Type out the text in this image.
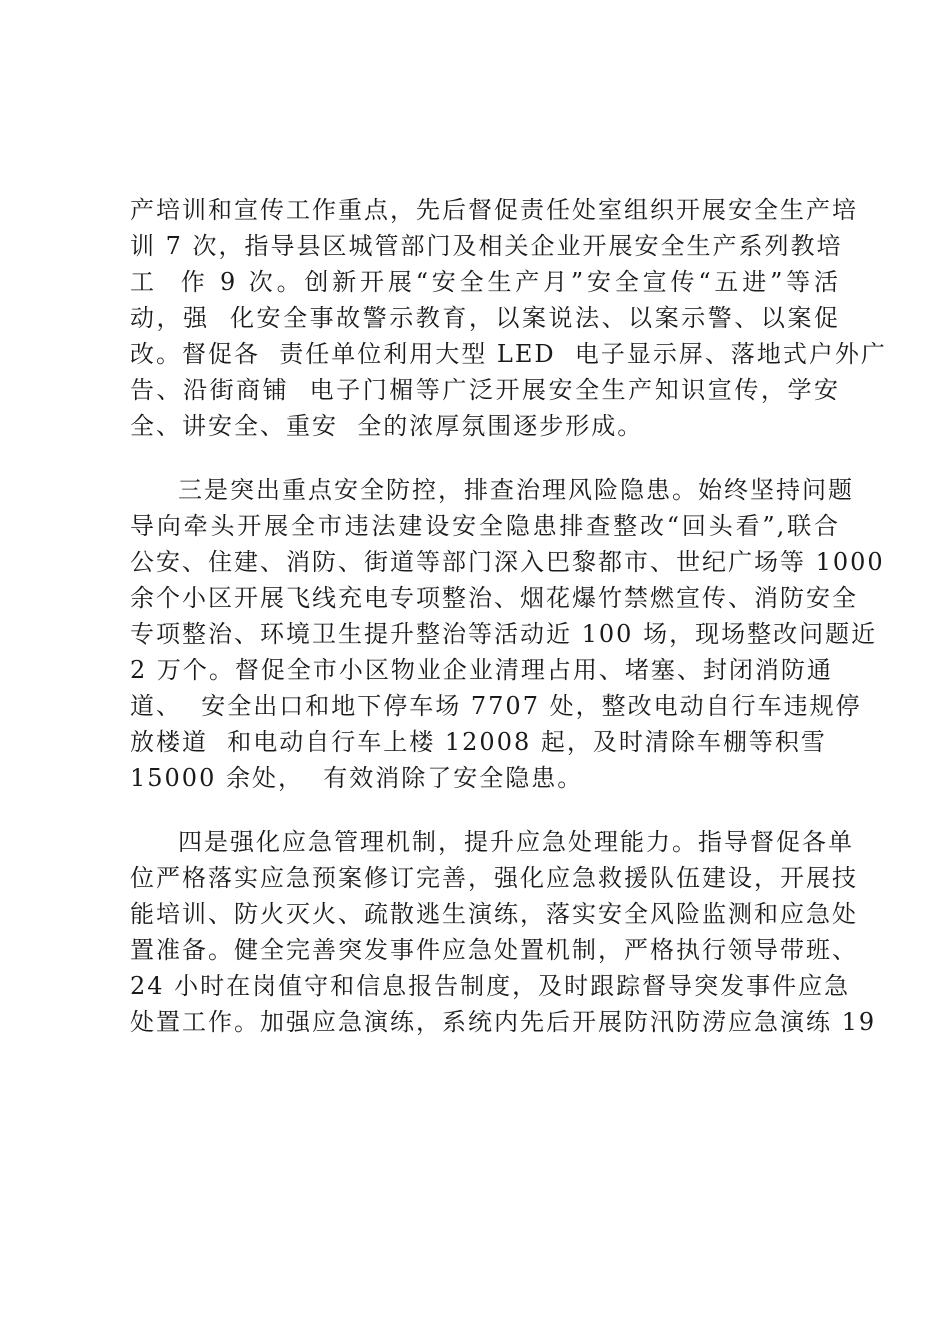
产培训和宣传工作重点，先后督促责任处室组织开展安全生产培
训 7 次，指导县区城管部门及相关企业开展安全生产系列教培
工  作 9 次。创新开展“安全生产月”安全宣传“五进”等活
动，强  化安全事故警示教育，以案说法、以案示警、以案促
改。督促各  责任单位利用大型 LED  电子显示屏、落地式户外广
告、沿街商铺  电子门楣等广泛开展安全生产知识宣传，学安
全、讲安全、重安  全的浓厚氛围逐步形成。
三是突出重点安全防控，排查治理风险隐患。始终坚持问题
导向牵头开展全市违法建设安全隐患排查整改“回头看”,联合
公安、住建、消防、街道等部门深入巴黎都市、世纪广场等 1000
余个小区开展飞线充电专项整治、烟花爆竹禁燃宣传、消防安全
专项整治、环境卫生提升整治等活动近 100 场，现场整改问题近
2 万个。督促全市小区物业企业清理占用、堵塞、封闭消防通
道、  安全出口和地下停车场 7707 处，整改电动自行车违规停
放楼道  和电动自行车上楼 12008 起，及时清除车棚等积雪
15000 余处，  有效消除了安全隐患。
四是强化应急管理机制，提升应急处理能力。指导督促各单
位严格落实应急预案修订完善，强化应急救援队伍建设，开展技
能培训、防火灭火、疏散逃生演练，落实安全风险监测和应急处
置准备。健全完善突发事件应急处置机制，严格执行领导带班、
24 小时在岗值守和信息报告制度，及时跟踪督导突发事件应急
处置工作。加强应急演练，系统内先后开展防汛防涝应急演练 19
